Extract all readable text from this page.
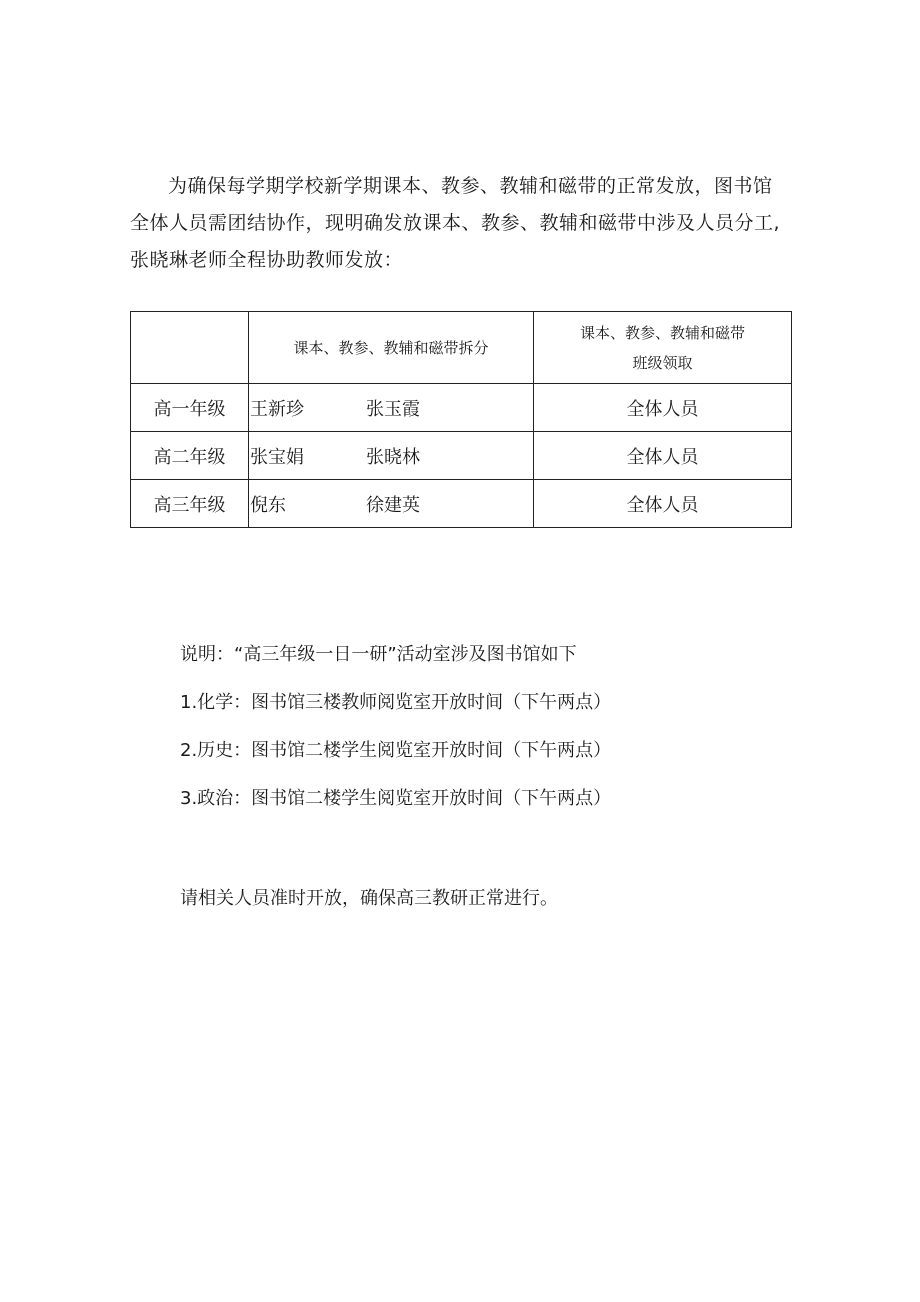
为确保每学期学校新学期课本、教参、教辅和磁带的正常发放，图书馆全体人员需团结协作，现明确发放课本、教参、教辅和磁带中涉及人员分工,张晓琳老师全程协助教师发放：

	课本、教参、教辅和磁带拆分	课本、教参、教辅和磁带
班级领取

高一年级	王新珍 张玉霞	全体人员
高二年级	张宝娟 张晓林	全体人员
高三年级	倪东 徐建英	全体人员
说明：“高三年级一日一研”活动室涉及图书馆如下
1.化学：图书馆三楼教师阅览室开放时间（下午两点）
2.历史：图书馆二楼学生阅览室开放时间（下午两点）
3.政治：图书馆二楼学生阅览室开放时间（下午两点）
请相关人员准时开放，确保高三教研正常进行。
